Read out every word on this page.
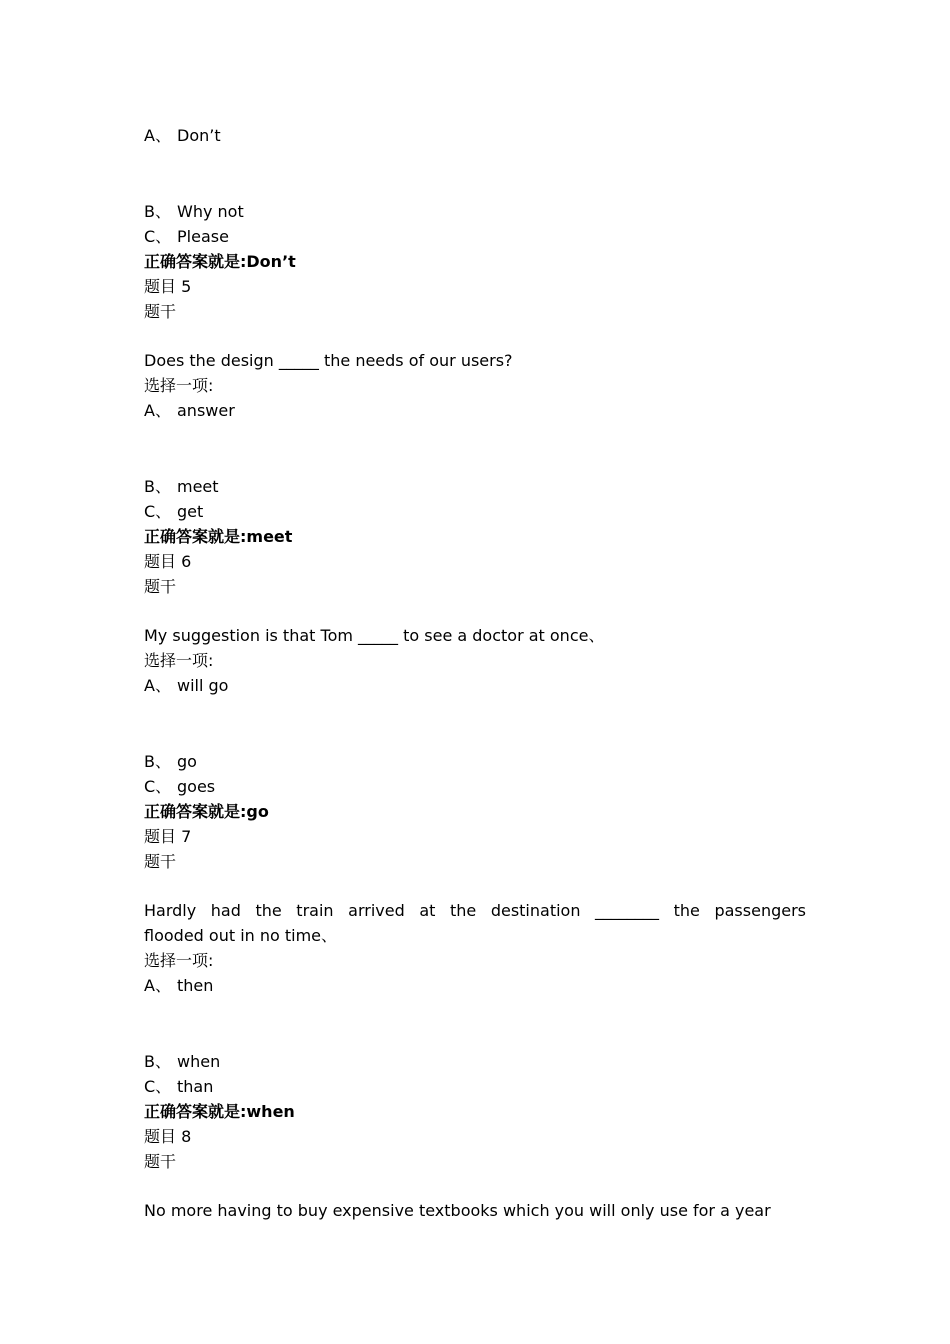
A、 Don’t
B、 Why not
C、 Please
正确答案就是:Don’t
题目 5
题干
Does the design _____ the needs of our users?
选择一项:
A、 answer
B、 meet
C、 get
正确答案就是:meet
题目 6
题干
My suggestion is that Tom _____ to see a doctor at once、
选择一项:
A、 will go
B、 go
C、 goes
正确答案就是:go
题目 7
题干
Hardly had the train arrived at the destination ________ the passengers
flooded out in no time、
选择一项:
A、 then
B、 when
C、 than
正确答案就是:when
题目 8
题干
No more having to buy expensive textbooks which you will only use for a year
